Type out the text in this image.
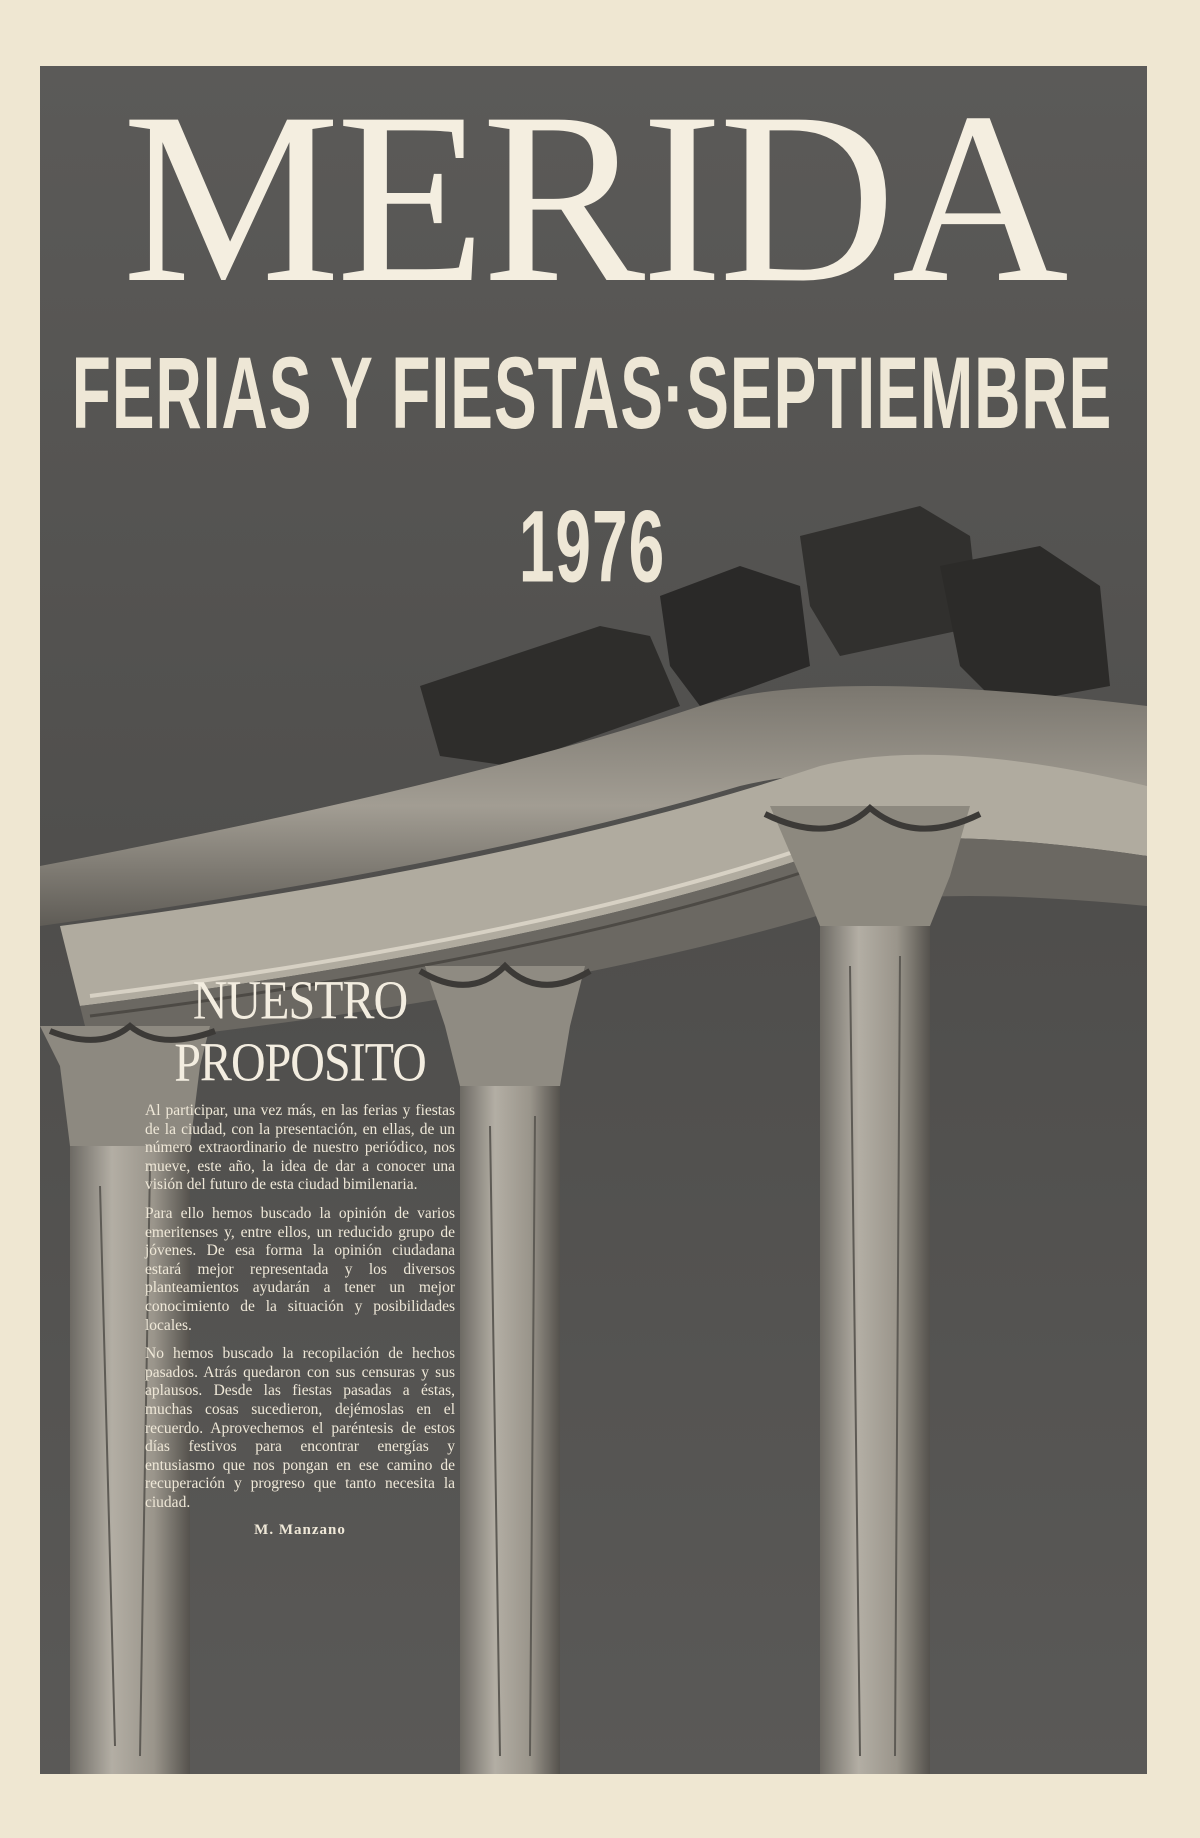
MERIDA
FERIAS Y FIESTAS·SEPTIEMBRE 1976
NUESTRO
PROPOSITO

Al participar, una vez más, en las ferias y fiestas de la ciudad, con la presentación, en ellas, de un número extraordinario de nuestro periódico, nos mueve, este año, la idea de dar a conocer una visión del futuro de esta ciudad bimilenaria.

Para ello hemos buscado la opinión de varios emeritenses y, entre ellos, un reducido grupo de jóvenes. De esa forma la opinión ciudadana estará mejor representada y los diversos planteamientos ayudarán a tener un mejor conocimiento de la situación y posibilidades locales.

No hemos buscado la recopilación de hechos pasados. Atrás quedaron con sus censuras y sus aplausos. Desde las fiestas pasadas a éstas, muchas cosas sucedieron, dejémoslas en el recuerdo. Aprovechemos el paréntesis de estos días festivos para encontrar energías y entusiasmo que nos pongan en ese camino de recuperación y progreso que tanto necesita la ciudad.

M. Manzano
